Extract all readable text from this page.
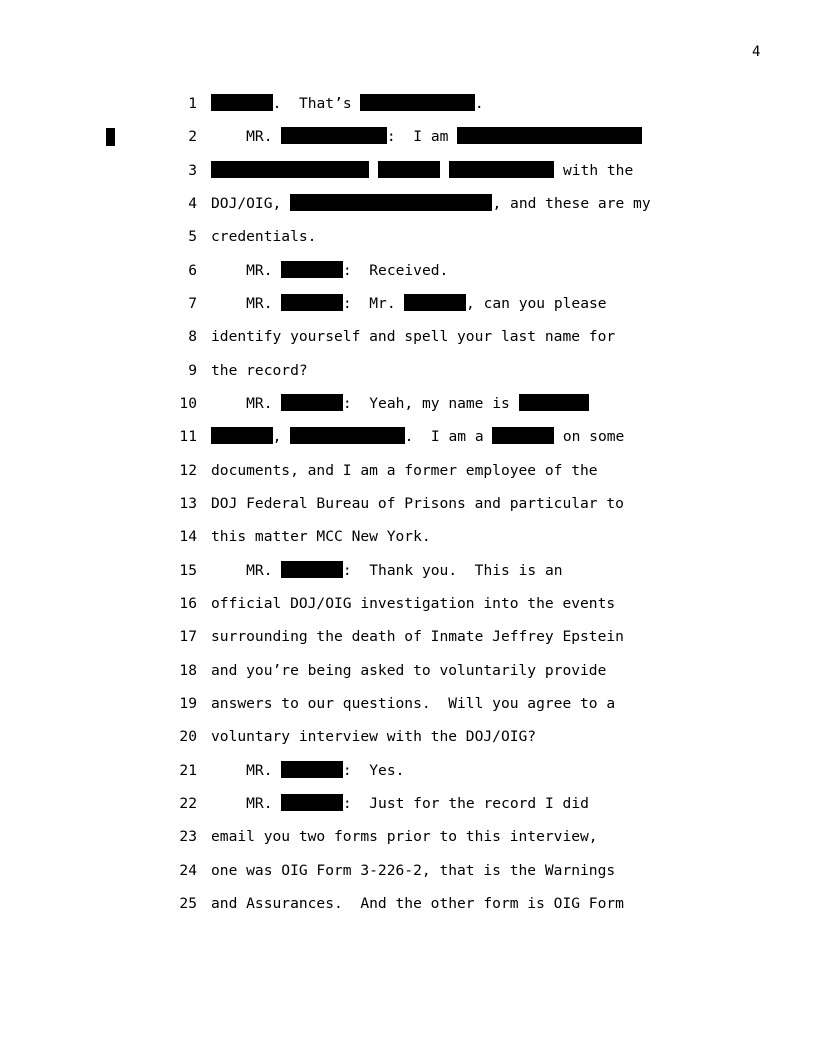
4
1	.  That’s	.
2 MR.	:  I am
3	with the
4 DOJ/OIG,	, and these are my
5 credentials.
6 MR.	:  Received.
7 MR.	:  Mr.	, can you please
8 identify yourself and spell your last name for
9 the record?
10 MR.	:  Yeah, my name is
11	,	.  I am a	on some
12 documents, and I am a former employee of the
13 DOJ Federal Bureau of Prisons and particular to
14 this matter MCC New York.
15 MR.	:  Thank you.  This is an
16 official DOJ/OIG investigation into the events
17 surrounding the death of Inmate Jeffrey Epstein
18 and you’re being asked to voluntarily provide
19 answers to our questions.  Will you agree to a
20 voluntary interview with the DOJ/OIG?
21 MR.	:  Yes.
22 MR.	:  Just for the record I did
23 email you two forms prior to this interview,
24 one was OIG Form 3-226-2, that is the Warnings
25 and Assurances.  And the other form is OIG Form
